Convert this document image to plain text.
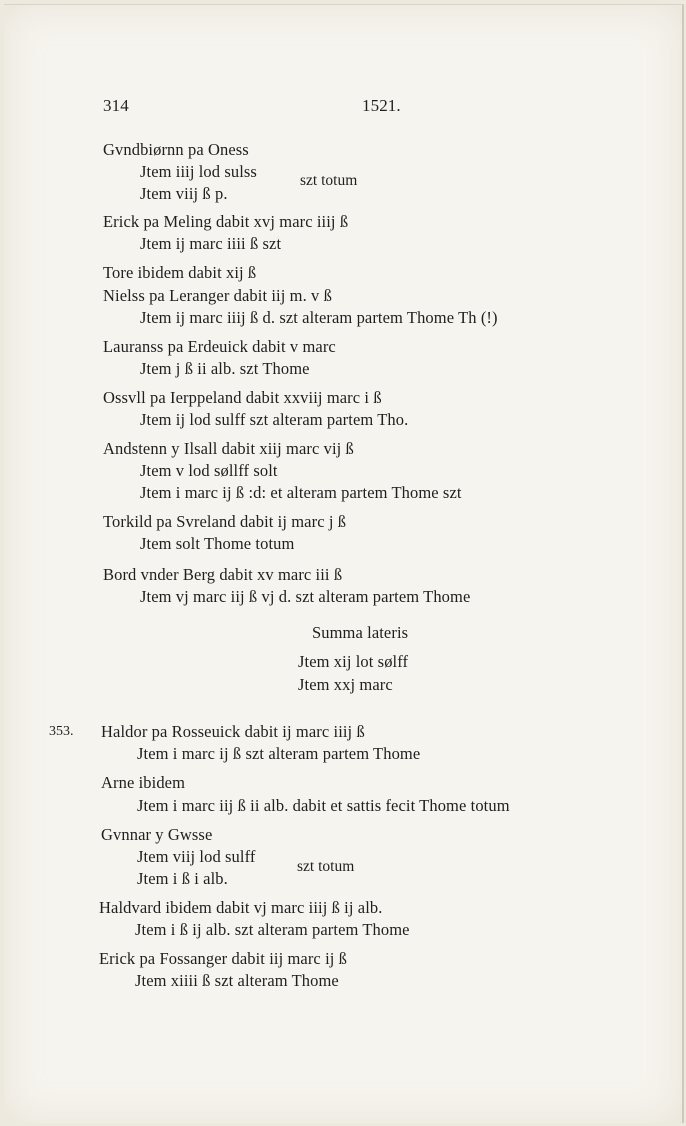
314	1521.
Gvndbiørnn pa Oness
Jtem iiij lod sulss
Jtem viij ß p.
szt totum
Erick pa Meling dabit xvj marc iiij ß
Jtem ij marc iiii ß szt
Tore ibidem dabit xij ß
Nielss pa Leranger dabit iij m. v ß
Jtem ij marc iiij ß d. szt alteram partem Thome Th (!)
Lauranss pa Erdeuick dabit v marc
Jtem j ß ii alb. szt Thome
Ossvll pa Ierppeland dabit xxviij marc i ß
Jtem ij lod sulff szt alteram partem Tho.
Andstenn y Ilsall dabit xiij marc vij ß
Jtem v lod søllff solt
Jtem i marc ij ß :d: et alteram partem Thome szt
Torkild pa Svreland dabit ij marc j ß
Jtem solt Thome totum
Bord vnder Berg dabit xv marc iii ß
Jtem vj marc iij ß vj d. szt alteram partem Thome
Summa lateris
Jtem xij lot sølff
Jtem xxj marc
353. Haldor pa Rosseuick dabit ij marc iiij ß
Jtem i marc ij ß szt alteram partem Thome
Arne ibidem
Jtem i marc iij ß ii alb. dabit et sattis fecit Thome totum
Gvnnar y Gwsse
Jtem viij lod sulff
Jtem i ß i alb.
szt totum
Haldvard ibidem dabit vj marc iiij ß ij alb.
Jtem i ß ij alb. szt alteram partem Thome
Erick pa Fossanger dabit iij marc ij ß
Jtem xiiii ß szt alteram Thome
